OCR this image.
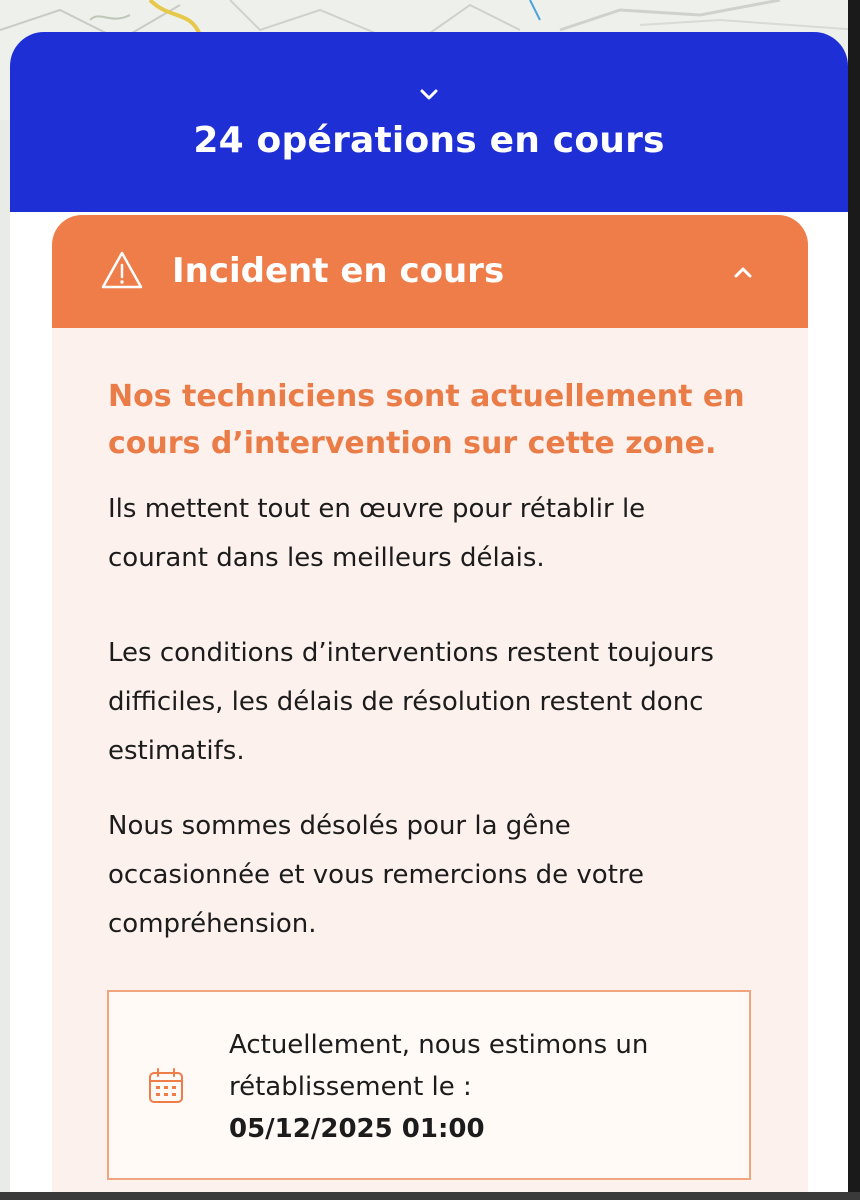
24 opérations en cours
Incident en cours

Nos techniciens sont actuellement en
cours d’intervention sur cette zone.

Ils mettent tout en œuvre pour rétablir le
courant dans les meilleurs délais.

Les conditions d’interventions restent toujours
difficiles, les délais de résolution restent donc
estimatifs.

Nous sommes désolés pour la gêne
occasionnée et vous remercions de votre
compréhension.

Actuellement, nous estimons un
rétablissement le :
05/12/2025 01:00
